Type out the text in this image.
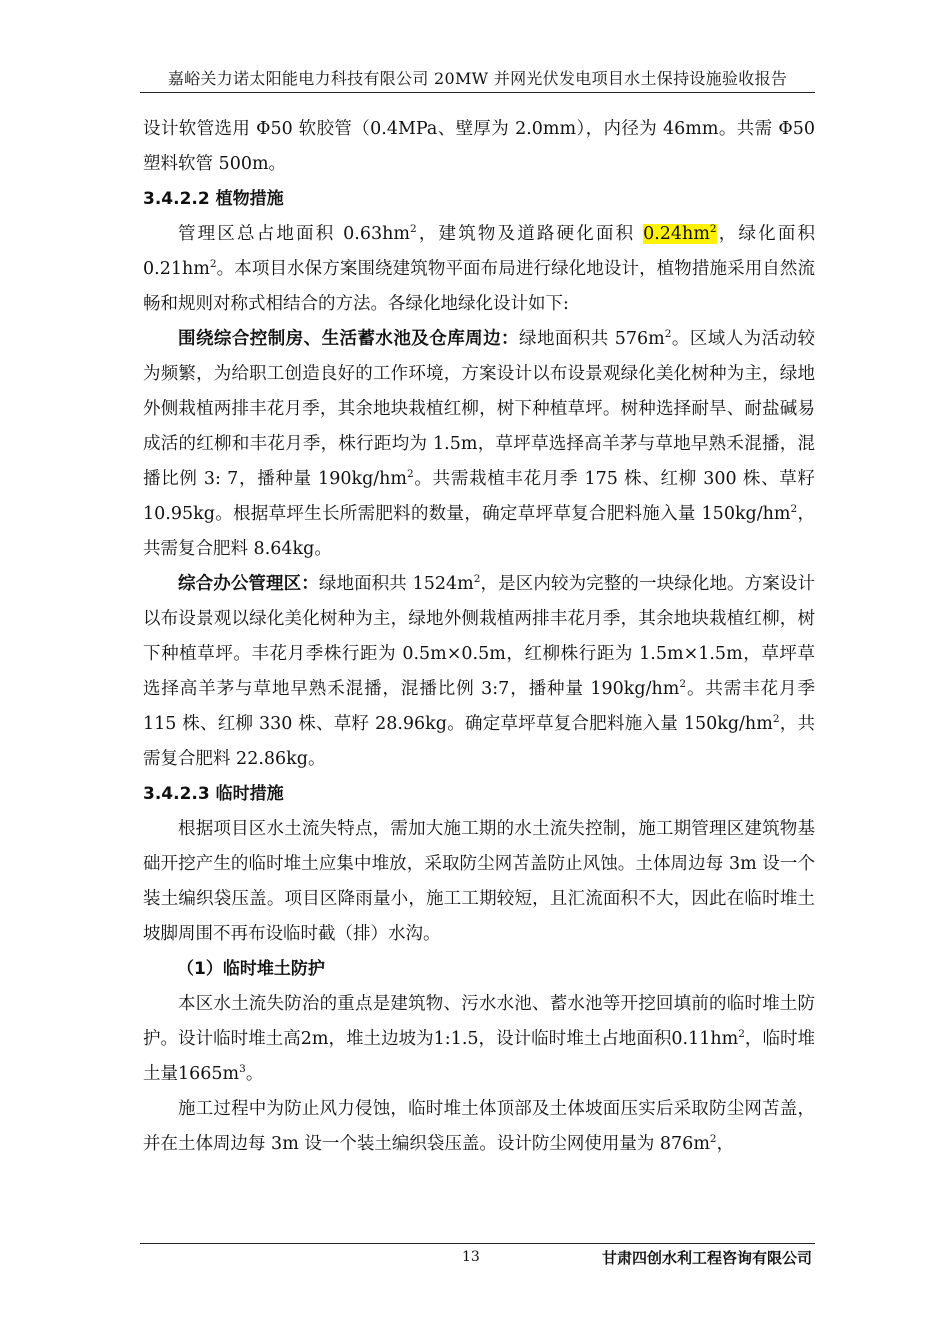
嘉峪关力诺太阳能电力科技有限公司 20MW 并网光伏发电项目水土保持设施验收报告

设计软管选用 Φ50 软胶管（0.4MPa、壁厚为 2.0mm），内径为 46mm。共需 Φ50 塑料软管 500m。

3.4.2.2 植物措施

管理区总占地面积 $0.63hm^2$，建筑物及道路硬化面积 $0.24hm^2$，绿化面积 $0.21hm^2$。本项目水保方案围绕建筑物平面布局进行绿化地设计，植物措施采用自然流畅和规则对称式相结合的方法。各绿化地绿化设计如下:

围绕综合控制房、生活蓄水池及仓库周边：绿地面积共 $576m^2$。区域人为活动较为频繁，为给职工创造良好的工作环境，方案设计以布设景观绿化美化树种为主，绿地外侧栽植两排丰花月季，其余地块栽植红柳，树下种植草坪。树种选择耐旱、耐盐碱易成活的红柳和丰花月季，株行距均为 1.5m，草坪草选择高羊茅与草地早熟禾混播，混播比例 3: 7，播种量 $190kg/hm^2$。共需栽植丰花月季 175 株、红柳 300 株、草籽 10.95kg。根据草坪生长所需肥料的数量，确定草坪草复合肥料施入量 $150kg/hm^2$，共需复合肥料 8.64kg。

综合办公管理区：绿地面积共 $1524m^2$，是区内较为完整的一块绿化地。方案设计以布设景观以绿化美化树种为主，绿地外侧栽植两排丰花月季，其余地块栽植红柳，树下种植草坪。丰花月季株行距为 0.5m×0.5m，红柳株行距为 1.5m×1.5m，草坪草选择高羊茅与草地早熟禾混播，混播比例 3:7，播种量 $190kg/hm^2$。共需丰花月季 115 株、红柳 330 株、草籽 28.96kg。确定草坪草复合肥料施入量 $150kg/hm^2$，共需复合肥料 22.86kg。

3.4.2.3 临时措施

根据项目区水土流失特点，需加大施工期的水土流失控制，施工期管理区建筑物基础开挖产生的临时堆土应集中堆放，采取防尘网苫盖防止风蚀。土体周边每 3m 设一个装土编织袋压盖。项目区降雨量小，施工工期较短，且汇流面积不大，因此在临时堆土坡脚周围不再布设临时截（排）水沟。

（1）临时堆土防护

本区水土流失防治的重点是建筑物、污水水池、蓄水池等开挖回填前的临时堆土防护。设计临时堆土高2m，堆土边坡为1:1.5，设计临时堆土占地面积$0.11hm^2$，临时堆土量$1665m^3$。

施工过程中为防止风力侵蚀，临时堆土体顶部及土体坡面压实后采取防尘网苫盖，并在土体周边每 3m 设一个装土编织袋压盖。设计防尘网使用量为 $876m^2$，

13	甘肃四创水利工程咨询有限公司
